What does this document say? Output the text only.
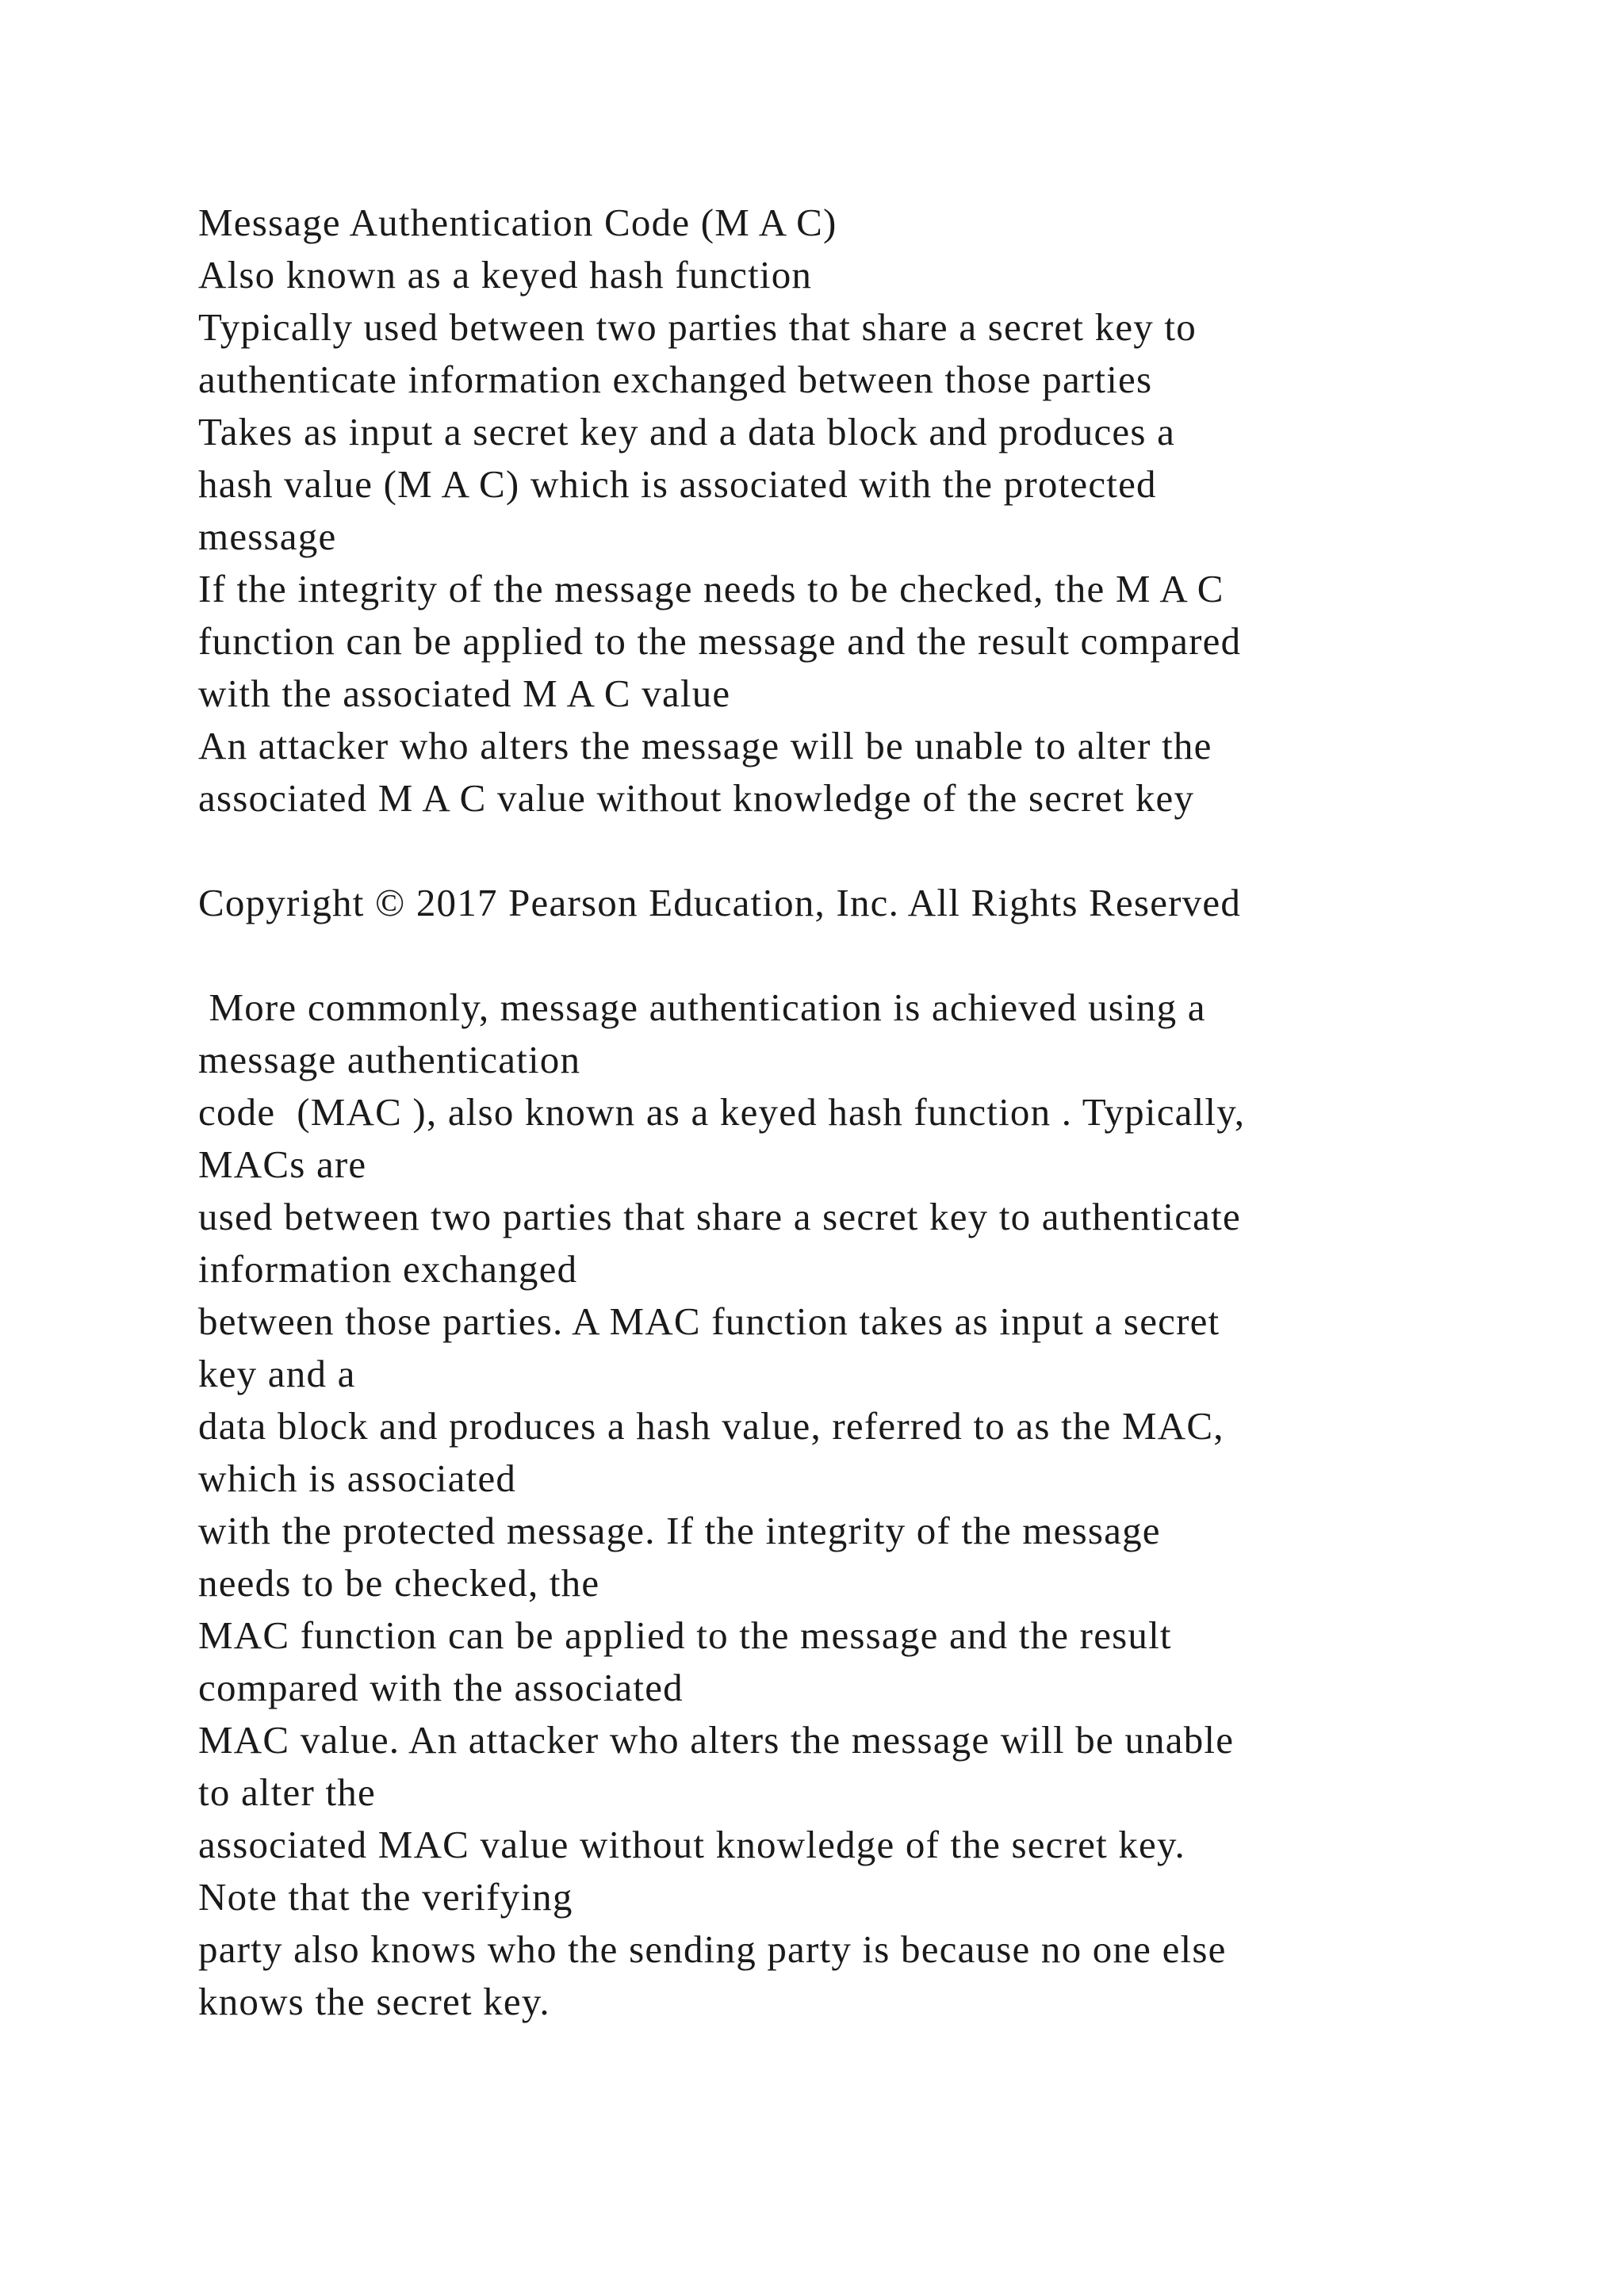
Message Authentication Code (M A C)
Also known as a keyed hash function
Typically used between two parties that share a secret key to
authenticate information exchanged between those parties
Takes as input a secret key and a data block and produces a
hash value (M A C) which is associated with the protected
message
If the integrity of the message needs to be checked, the M A C
function can be applied to the message and the result compared
with the associated M A C value
An attacker who alters the message will be unable to alter the
associated M A C value without knowledge of the secret key
Copyright © 2017 Pearson Education, Inc. All Rights Reserved
More commonly, message authentication is achieved using a
message authentication
code  (MAC ), also known as a keyed hash function . Typically,
MACs are
used between two parties that share a secret key to authenticate
information exchanged
between those parties. A MAC function takes as input a secret
key and a
data block and produces a hash value, referred to as the MAC,
which is associated
with the protected message. If the integrity of the message
needs to be checked, the
MAC function can be applied to the message and the result
compared with the associated
MAC value. An attacker who alters the message will be unable
to alter the
associated MAC value without knowledge of the secret key.
Note that the verifying
party also knows who the sending party is because no one else
knows the secret key.
